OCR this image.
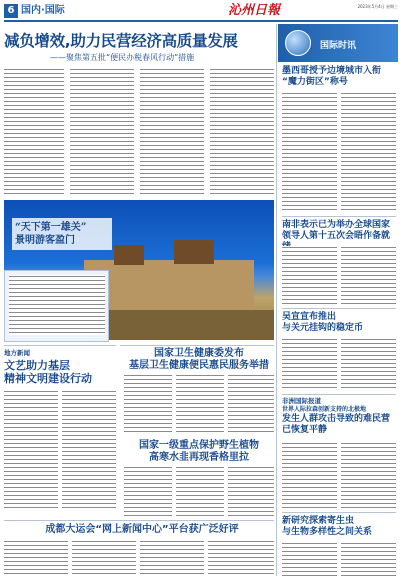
6 国内·国际	沁州日報	2023年5月4日 星期三
减负增效,助力民营经济高质量发展
——聚焦第五批“便民办税春风行动”措施
“天下第一雄关”
景明游客盈门
地方新闻
文艺助力基层
精神文明建设行动
国家卫生健康委发布
基层卫生健康便民惠民服务举措
国家一级重点保护野生植物
高寒水韭再现香格里拉
成都大运会“网上新闻中心”平台获广泛好评
国际时讯
墨西哥授予边境城市入衔
“魔力街区”称号
南非表示已为举办全球国家
领导人第十五次会晤作备就
吴宣宣布推出
与关元挂钩的稳定币
非洲国际报道
世界人际拉森创新支持的北极地
发生人群攻击导致的难民营
已恢复平静
新研究探索寄生虫
与生物多样性之间关系
